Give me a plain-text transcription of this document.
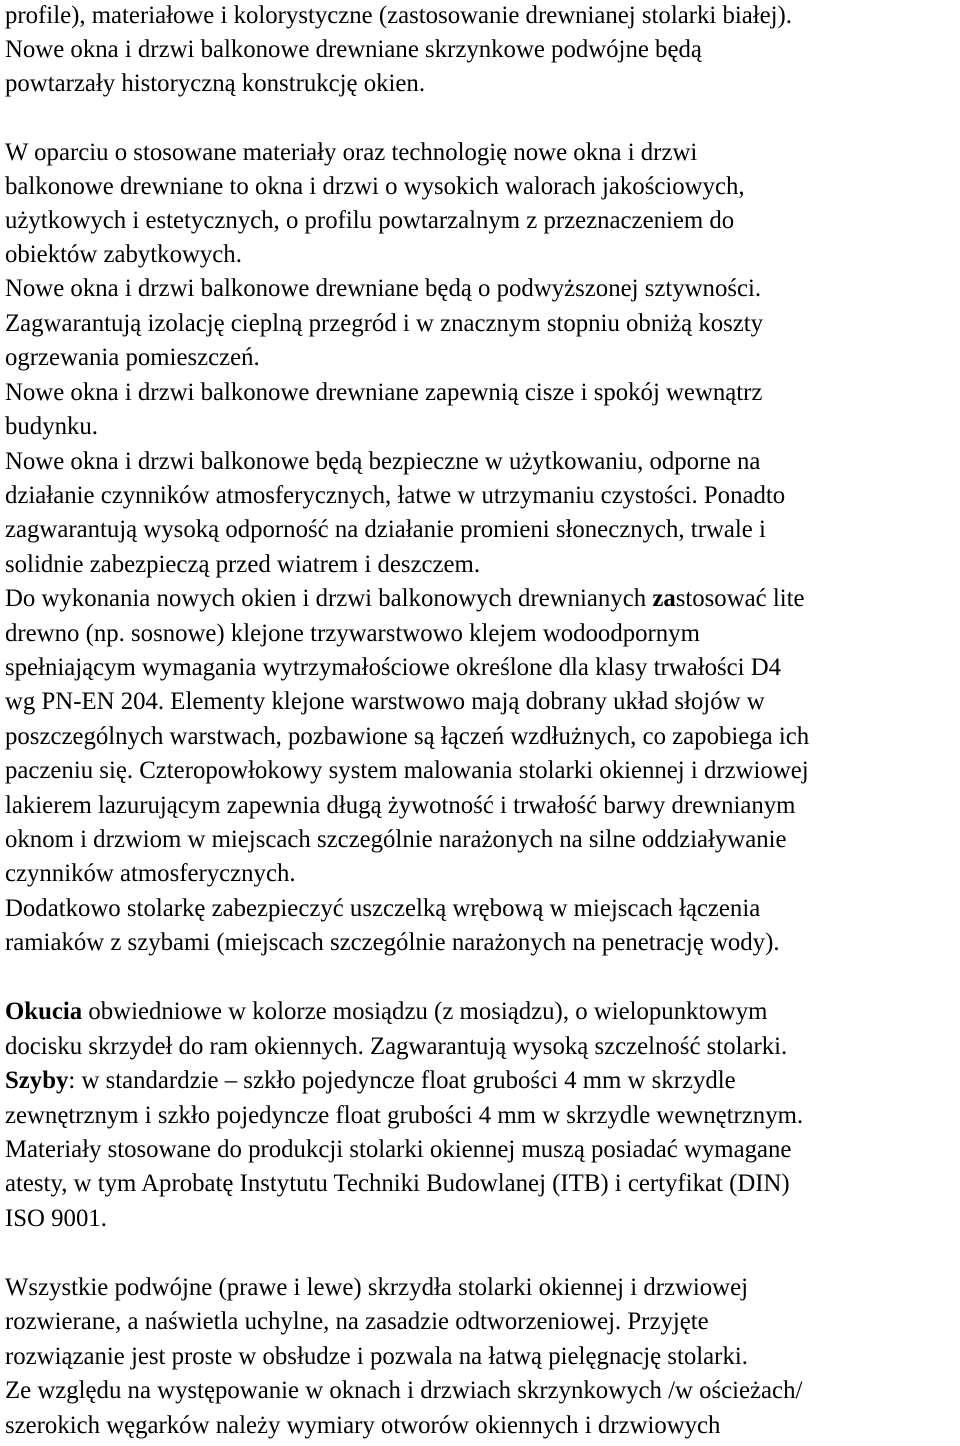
profile), materiałowe i kolorystyczne (zastosowanie drewnianej stolarki białej).
Nowe okna i drzwi balkonowe drewniane skrzynkowe podwójne będą
powtarzały historyczną konstrukcję okien.
W oparciu o stosowane materiały oraz technologię nowe okna i drzwi
balkonowe drewniane to okna i drzwi o wysokich walorach jakościowych,
użytkowych i estetycznych, o profilu powtarzalnym z przeznaczeniem do
obiektów zabytkowych.
Nowe okna i drzwi balkonowe drewniane będą o podwyższonej sztywności.
Zagwarantują izolację cieplną przegród i w znacznym stopniu obniżą koszty
ogrzewania pomieszczeń.
Nowe okna i drzwi balkonowe drewniane zapewnią cisze i spokój wewnątrz
budynku.
Nowe okna i drzwi balkonowe będą bezpieczne w użytkowaniu, odporne na
działanie czynników atmosferycznych, łatwe w utrzymaniu czystości. Ponadto
zagwarantują wysoką odporność na działanie promieni słonecznych, trwale i
solidnie zabezpieczą przed wiatrem i deszczem.
Do wykonania nowych okien i drzwi balkonowych drewnianych zastosować lite
drewno (np. sosnowe) klejone trzywarstwowo klejem wodoodpornym
spełniającym wymagania wytrzymałościowe określone dla klasy trwałości D4
wg PN-EN 204. Elementy klejone warstwowo mają dobrany układ słojów w
poszczególnych warstwach, pozbawione są łączeń wzdłużnych, co zapobiega ich
paczeniu się. Czteropowłokowy system malowania stolarki okiennej i drzwiowej
lakierem lazurującym zapewnia długą żywotność i trwałość barwy drewnianym
oknom i drzwiom w miejscach szczególnie narażonych na silne oddziaływanie
czynników atmosferycznych.
Dodatkowo stolarkę zabezpieczyć uszczelką wrębową w miejscach łączenia
ramiaków z szybami (miejscach szczególnie narażonych na penetrację wody).
Okucia obwiedniowe w kolorze mosiądzu (z mosiądzu), o wielopunktowym
docisku skrzydeł do ram okiennych. Zagwarantują wysoką szczelność stolarki.
Szyby: w standardzie – szkło pojedyncze float grubości 4 mm w skrzydle
zewnętrznym i szkło pojedyncze float grubości 4 mm w skrzydle wewnętrznym.
Materiały stosowane do produkcji stolarki okiennej muszą posiadać wymagane
atesty, w tym Aprobatę Instytutu Techniki Budowlanej (ITB) i certyfikat (DIN)
ISO 9001.
Wszystkie podwójne (prawe i lewe) skrzydła stolarki okiennej i drzwiowej
rozwierane, a naświetla uchylne, na zasadzie odtworzeniowej. Przyjęte
rozwiązanie jest proste w obsłudze i pozwala na łatwą pielęgnację stolarki.
Ze względu na występowanie w oknach i drzwiach skrzynkowych /w ościeżach/
szerokich węgarków należy wymiary otworów okiennych i drzwiowych
